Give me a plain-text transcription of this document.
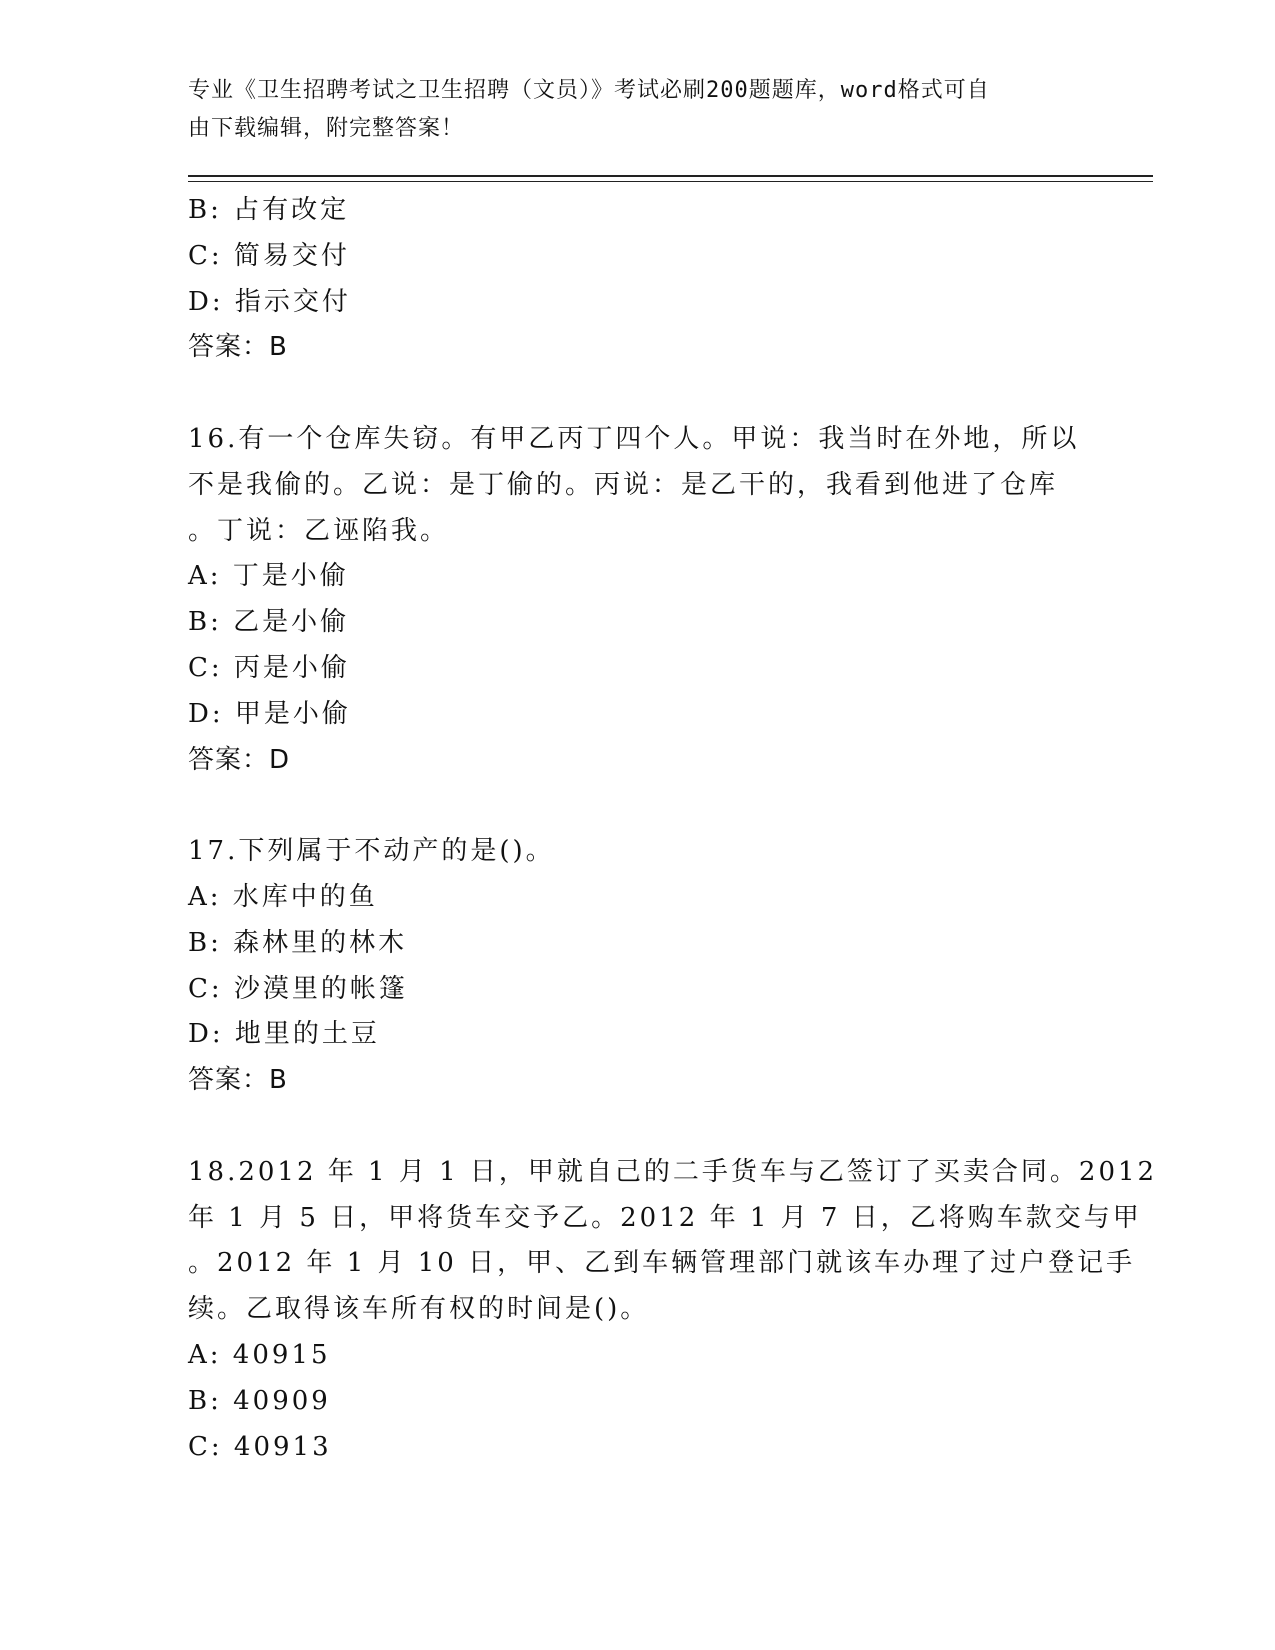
专业《卫生招聘考试之卫生招聘（文员）》考试必刷200题题库，word格式可自
由下载编辑，附完整答案！
B: 占有改定
C: 简易交付
D: 指示交付
答案：B
16.有一个仓库失窃。有甲乙丙丁四个人。甲说：我当时在外地，所以
不是我偷的。乙说：是丁偷的。丙说：是乙干的，我看到他进了仓库
。丁说：乙诬陷我。
A: 丁是小偷
B: 乙是小偷
C: 丙是小偷
D: 甲是小偷
答案：D
17.下列属于不动产的是()。
A: 水库中的鱼
B: 森林里的林木
C: 沙漠里的帐篷
D: 地里的土豆
答案：B
18.2012 年 1 月 1 日，甲就自己的二手货车与乙签订了买卖合同。2012
年 1 月 5 日，甲将货车交予乙。2012 年 1 月 7 日，乙将购车款交与甲
。2012 年 1 月 10 日，甲、乙到车辆管理部门就该车办理了过户登记手
续。乙取得该车所有权的时间是()。
A: 40915
B: 40909
C: 40913
